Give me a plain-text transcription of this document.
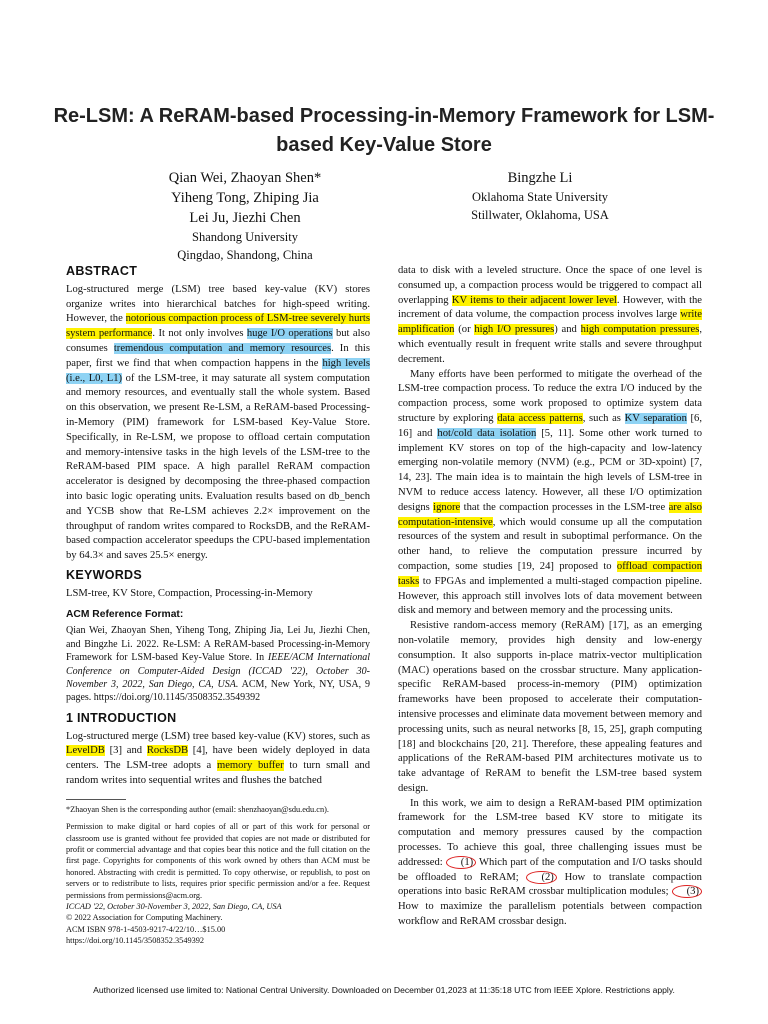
Re-LSM: A ReRAM-based Processing-in-Memory Framework for LSM-based Key-Value Store
Qian Wei, Zhaoyan Shen*
Yiheng Tong, Zhiping Jia
Lei Ju, Jiezhi Chen
Shandong University
Qingdao, Shandong, China
Bingzhe Li
Oklahoma State University
Stillwater, Oklahoma, USA
ABSTRACT

Log-structured merge (LSM) tree based key-value (KV) stores organize writes into hierarchical batches for high-speed writing. However, the notorious compaction process of LSM-tree severely hurts system performance. It not only involves huge I/O operations but also consumes tremendous computation and memory resources. In this paper, first we find that when compaction happens in the high levels (i.e., L0, L1) of the LSM-tree, it may saturate all system computation and memory resources, and eventually stall the whole system. Based on this observation, we present Re-LSM, a ReRAM-based Processing-in-Memory (PIM) framework for LSM-based Key-Value Store. Specifically, in Re-LSM, we propose to offload certain computation and memory-intensive tasks in the high levels of the LSM-tree to the ReRAM-based PIM space. A high parallel ReRAM compaction accelerator is designed by decomposing the three-phased compaction into basic logic operating units. Evaluation results based on db_bench and YCSB show that Re-LSM achieves 2.2× improvement on the throughput of random writes compared to RocksDB, and the ReRAM-based compaction accelerator speedups the CPU-based implementation by 64.3× and saves 25.5× energy.

KEYWORDS

LSM-tree, KV Store, Compaction, Processing-in-Memory

ACM Reference Format:

Qian Wei, Zhaoyan Shen, Yiheng Tong, Zhiping Jia, Lei Ju, Jiezhi Chen, and Bingzhe Li. 2022. Re-LSM: A ReRAM-based Processing-in-Memory Framework for LSM-based Key-Value Store. In IEEE/ACM International Conference on Computer-Aided Design (ICCAD '22), October 30-November 3, 2022, San Diego, CA, USA. ACM, New York, NY, USA, 9 pages. https://doi.org/10.1145/3508352.3549392

1 INTRODUCTION

Log-structured merge (LSM) tree based key-value (KV) stores, such as LevelDB [3] and RocksDB [4], have been widely deployed in data centers. The LSM-tree adopts a memory buffer to turn small and random writes into sequential writes and flushes the batched

*Zhaoyan Shen is the corresponding author (email: shenzhaoyan@sdu.edu.cn).

Permission to make digital or hard copies of all or part of this work for personal or classroom use is granted without fee provided that copies are not made or distributed for profit or commercial advantage and that copies bear this notice and the full citation on the first page. Copyrights for components of this work owned by others than ACM must be honored. Abstracting with credit is permitted. To copy otherwise, or republish, to post on servers or to redistribute to lists, requires prior specific permission and/or a fee. Request permissions from permissions@acm.org.

ICCAD '22, October 30-November 3, 2022, San Diego, CA, USA

© 2022 Association for Computing Machinery.

ACM ISBN 978-1-4503-9217-4/22/10…$15.00

https://doi.org/10.1145/3508352.3549392

data to disk with a leveled structure. Once the space of one level is consumed up, a compaction process would be triggered to compact all overlapping KV items to their adjacent lower level. However, with the increment of data volume, the compaction process involves large write amplification (or high I/O pressures) and high computation pressures, which eventually result in frequent write stalls and severe throughput decrement.

Many efforts have been performed to mitigate the overhead of the LSM-tree compaction process. To reduce the extra I/O induced by the compaction process, some work proposed to optimize system data structure by exploring data access patterns, such as KV separation [6, 16] and hot/cold data isolation [5, 11]. Some other work turned to implement KV stores on top of the high-capacity and low-latency emerging non-volatile memory (NVM) (e.g., PCM or 3D-xpoint) [7, 14, 23]. The main idea is to maintain the high levels of LSM-tree in NVM to reduce access latency. However, all these I/O optimization designs ignore that the compaction processes in the LSM-tree are also computation-intensive, which would consume up all the computation resources of the system and result in suboptimal performance. On the other hand, to relieve the computation pressure incurred by compaction, some studies [19, 24] proposed to offload compaction tasks to FPGAs and implemented a multi-staged compaction pipeline. However, this approach still involves lots of data movement between disk and memory and between memory and the processing units.

Resistive random-access memory (ReRAM) [17], as an emerging non-volatile memory, provides high density and low-energy consumption. It also supports in-place matrix-vector multiplication (MAC) operations based on the crossbar structure. Many application-specific ReRAM-based process-in-memory (PIM) optimization frameworks have been proposed to accelerate their computation-intensive processes and eliminate data movement between memory and processing units, such as neural networks [8, 15, 25], graph computing [18] and blockchains [20, 21]. Therefore, these appealing features and applications of the ReRAM-based PIM architectures motivate us to take advantage of ReRAM to benefit the LSM-tree based system design.

In this work, we aim to design a ReRAM-based PIM optimization framework for the LSM-tree based KV store to mitigate its computation and memory pressures caused by the compaction processes. To achieve this goal, three challenging issues must be addressed: (1) Which part of the computation and I/O tasks should be offloaded to ReRAM; (2) How to translate compaction operations into basic ReRAM crossbar multiplication modules; (3) How to maximize the parallelism potentials between compaction workflow and ReRAM crossbar design.

Authorized licensed use limited to: National Central University. Downloaded on December 01,2023 at 11:35:18 UTC from IEEE Xplore. Restrictions apply.
